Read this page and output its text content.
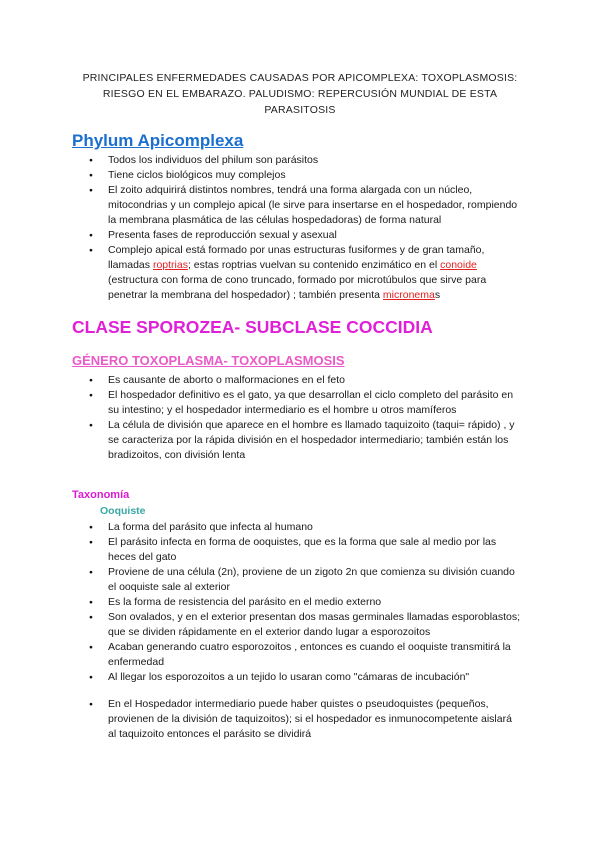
PRINCIPALES ENFERMEDADES CAUSADAS POR APICOMPLEXA: TOXOPLASMOSIS: RIESGO EN EL EMBARAZO. PALUDISMO: REPERCUSIÓN MUNDIAL DE ESTA PARASITOSIS
Phylum Apicomplexa
● Todos los individuos del philum son parásitos
● Tiene ciclos biológicos muy complejos
● El zoito adquirirá distintos nombres, tendrá una forma alargada con un núcleo, mitocondrias y un complejo apical (le sirve para insertarse en el hospedador, rompiendo la membrana plasmática de las células hospedadoras) de forma natural
● Presenta fases de reproducción sexual y asexual
● Complejo apical está formado por unas estructuras fusiformes y de gran tamaño, llamadas roptrias; estas roptrias vuelvan su contenido enzimático en el conoide (estructura con forma de cono truncado, formado por microtúbulos que sirve para penetrar la membrana del hospedador) ; también presenta micronemas
CLASE SPOROZEA- SUBCLASE COCCIDIA
GÉNERO TOXOPLASMA- TOXOPLASMOSIS
● Es causante de aborto o malformaciones en el feto
● El hospedador definitivo es el gato, ya que desarrollan el ciclo completo del parásito en su intestino; y el hospedador intermediario es el hombre u otros mamíferos
● La célula de división que aparece en el hombre es llamado taquizoito (taqui= rápido) , y se caracteriza por la rápida división en el hospedador intermediario; también están los bradizoitos, con división lenta
Taxonomía
Ooquiste
● La forma del parásito que infecta al humano
● El parásito infecta en forma de ooquistes, que es la forma que sale al medio por las heces del gato
● Proviene de una célula (2n), proviene de un zigoto 2n que comienza su división cuando el ooquiste sale al exterior
● Es la forma de resistencia del parásito en el medio externo
● Son ovalados, y en el exterior presentan dos masas germinales llamadas esporoblastos; que se dividen rápidamente en el exterior dando lugar a esporozoitos
● Acaban generando cuatro esporozoitos , entonces es cuando el ooquiste transmitirá la enfermedad
● Al llegar los esporozoitos a un tejido lo usaran como "cámaras de incubación"
● En el Hospedador intermediario puede haber quistes o pseudoquistes (pequeños, provienen de la división de taquizoitos); si el hospedador es inmunocompetente aislará al taquizoito entonces el parásito se dividirá
